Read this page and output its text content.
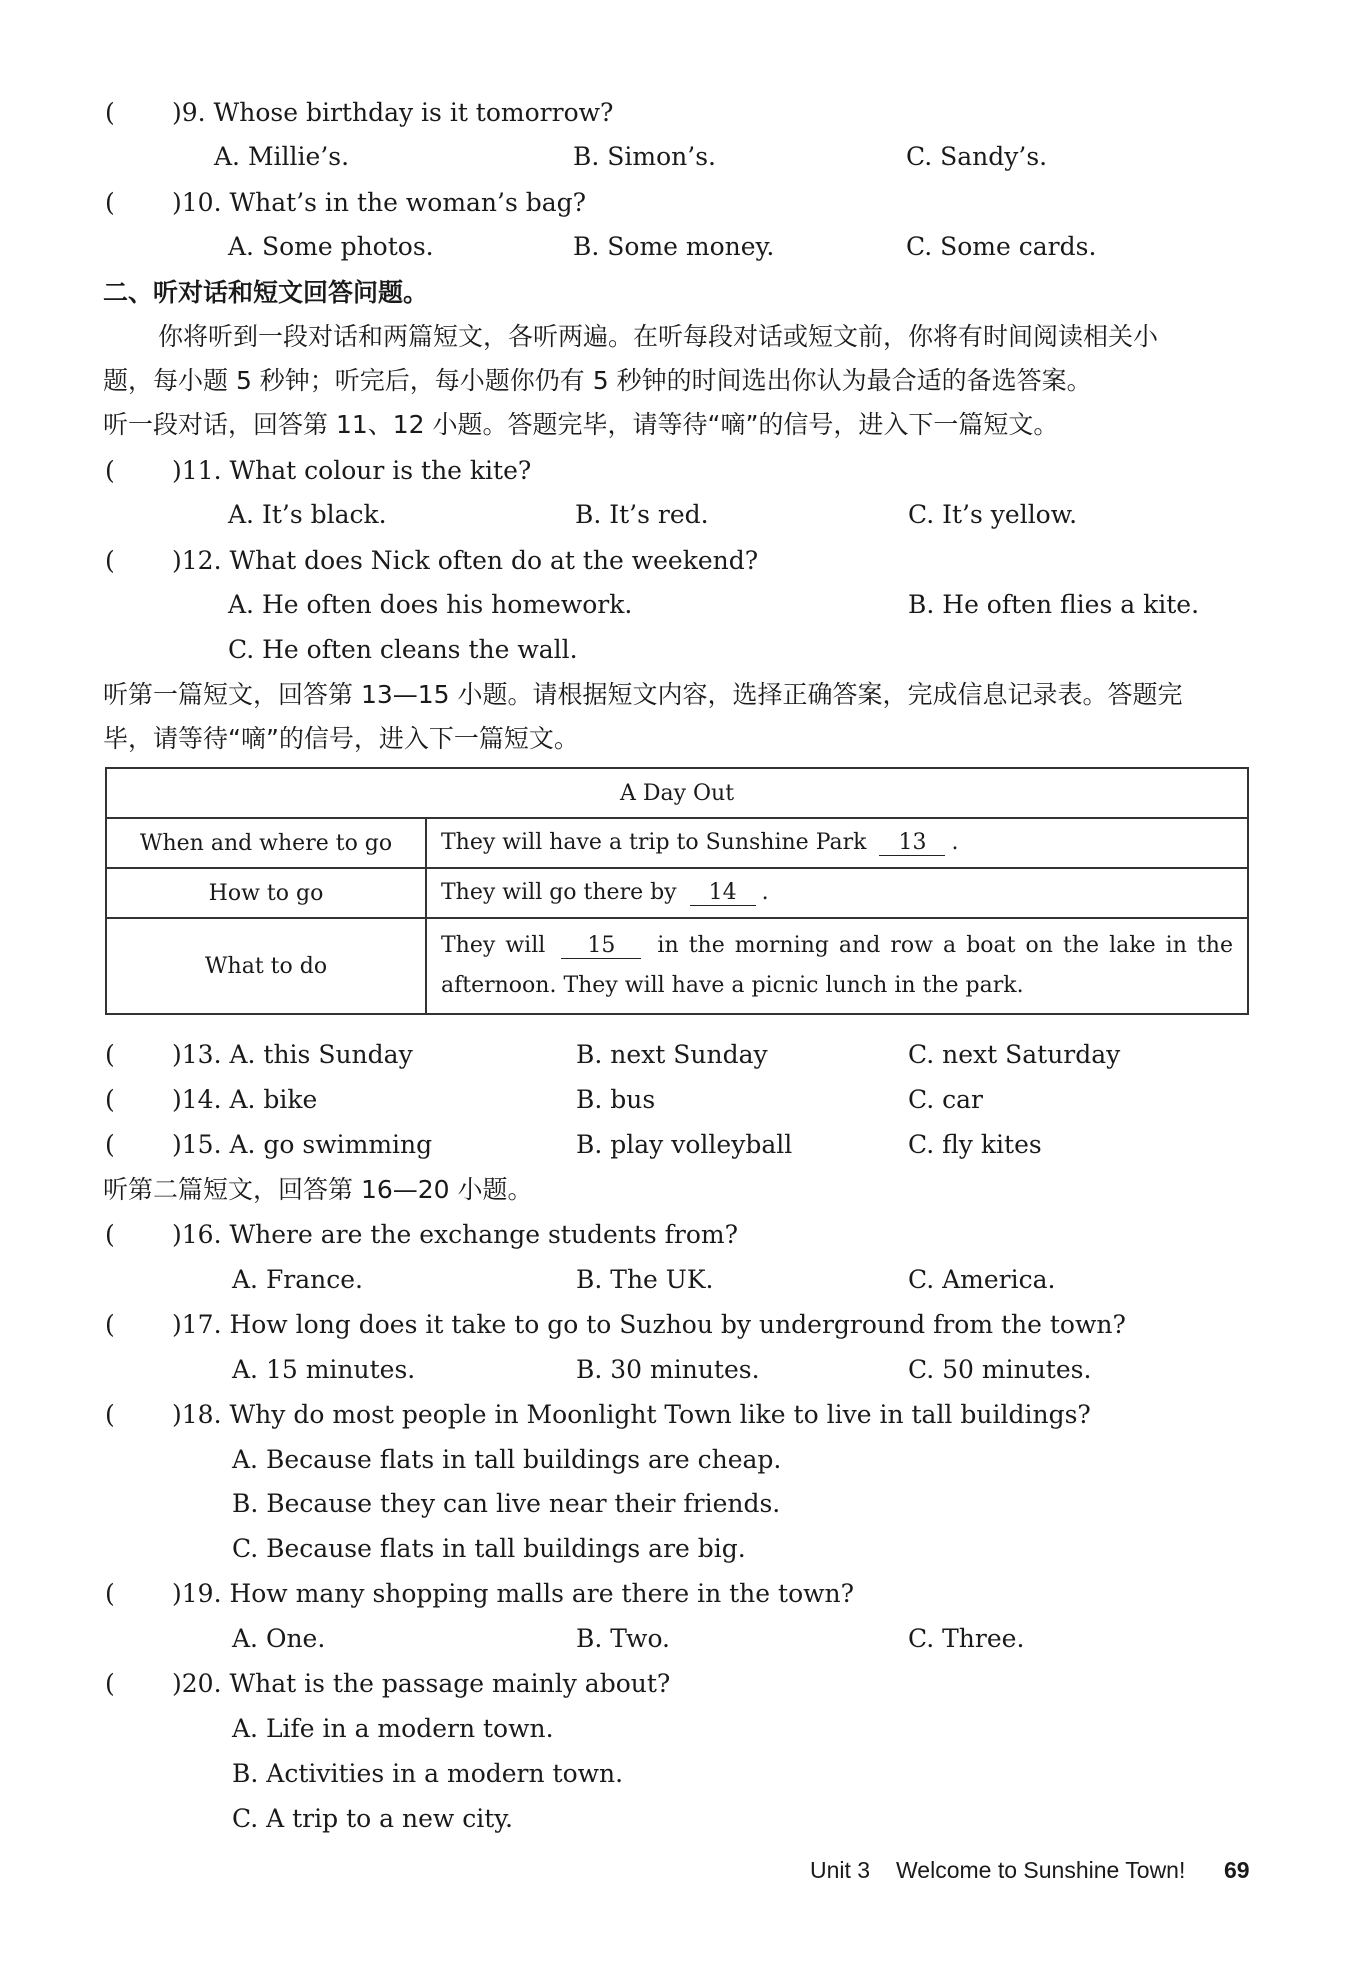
( )9. Whose birthday is it tomorrow?
A. Millie’s.	B. Simon’s.	C. Sandy’s.
( )10. What’s in the woman’s bag?
A. Some photos.	B. Some money.	C. Some cards.
二、听对话和短文回答问题。
你将听到一段对话和两篇短文，各听两遍。在听每段对话或短文前，你将有时间阅读相关小
题，每小题 5 秒钟；听完后，每小题你仍有 5 秒钟的时间选出你认为最合适的备选答案。
听一段对话，回答第 11、12 小题。答题完毕，请等待“嘀”的信号，进入下一篇短文。
( )11. What colour is the kite?
A. It’s black.	B. It’s red.	C. It’s yellow.
( )12. What does Nick often do at the weekend?
A. He often does his homework.	B. He often flies a kite.
C. He often cleans the wall.
听第一篇短文，回答第 13—15 小题。请根据短文内容，选择正确答案，完成信息记录表。答题完
毕，请等待“嘀”的信号，进入下一篇短文。
A Day Out	
When and where to go	They will have a trip to Sunshine Park 13 .
How to go	They will go there by 14 .
What to do	They will 15 in the morning and row a boat on the lake in the afternoon. They will have a picnic lunch in the park.
( )13. A. this Sunday	B. next Sunday	C. next Saturday
( )14. A. bike	B. bus	C. car
( )15. A. go swimming	B. play volleyball	C. fly kites
听第二篇短文，回答第 16—20 小题。
( )16. Where are the exchange students from?
A. France.	B. The UK.	C. America.
( )17. How long does it take to go to Suzhou by underground from the town?
A. 15 minutes.	B. 30 minutes.	C. 50 minutes.
( )18. Why do most people in Moonlight Town like to live in tall buildings?
A. Because flats in tall buildings are cheap.
B. Because they can live near their friends.
C. Because flats in tall buildings are big.
( )19. How many shopping malls are there in the town?
A. One.	B. Two.	C. Three.
( )20. What is the passage mainly about?
A. Life in a modern town.
B. Activities in a modern town.
C. A trip to a new city.
Unit 3 Welcome to Sunshine Town! 69
